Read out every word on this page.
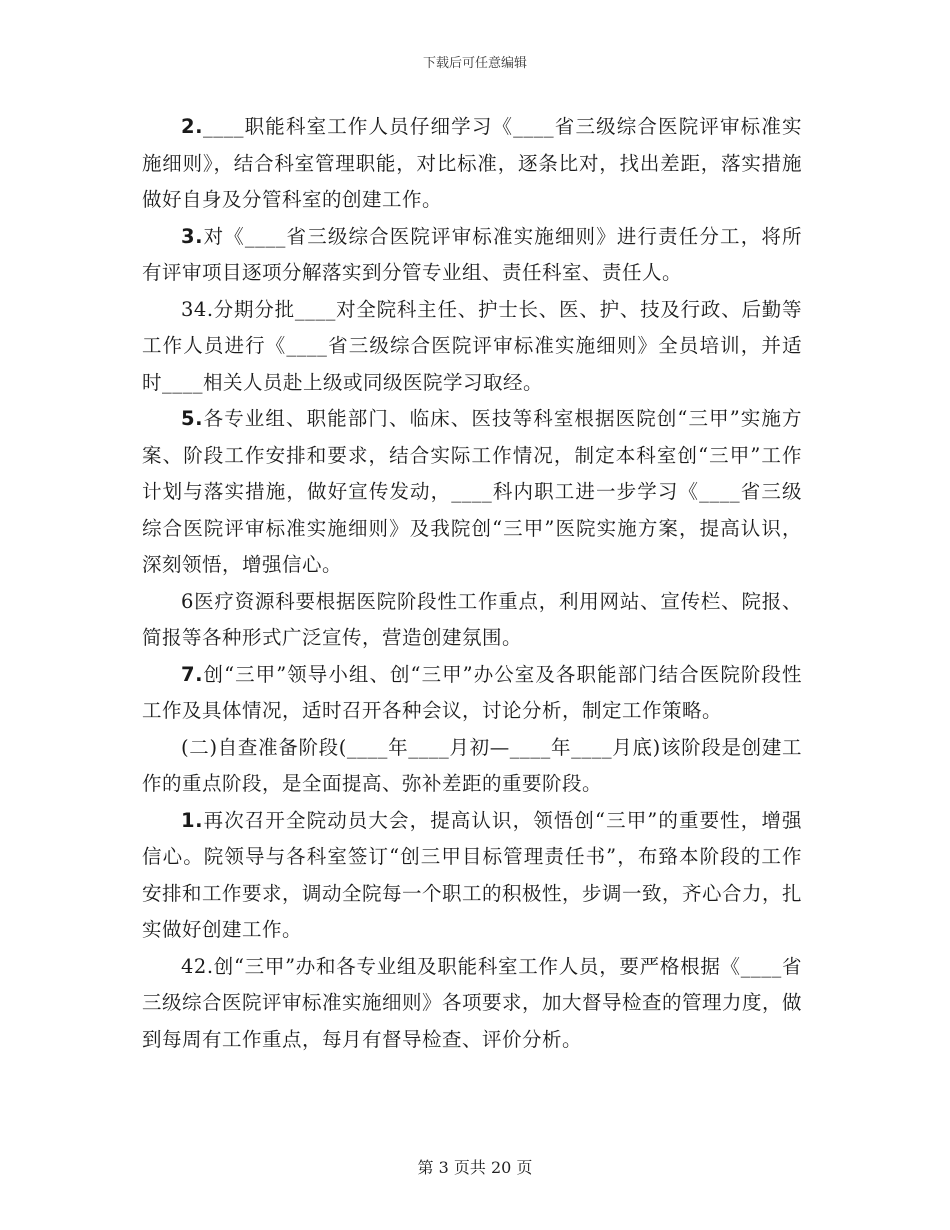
下载后可任意编辑

2.____职能科室工作人员仔细学习《____省三级综合医院评审标准实施细则》，结合科室管理职能，对比标准，逐条比对，找出差距，落实措施做好自身及分管科室的创建工作。

3.对《____省三级综合医院评审标准实施细则》进行责任分工，将所有评审项目逐项分解落实到分管专业组、责任科室、责任人。

34.分期分批____对全院科主任、护士长、医、护、技及行政、后勤等工作人员进行《____省三级综合医院评审标准实施细则》全员培训，并适时____相关人员赴上级或同级医院学习取经。

5.各专业组、职能部门、临床、医技等科室根据医院创“三甲”实施方案、阶段工作安排和要求，结合实际工作情况，制定本科室创“三甲”工作计划与落实措施，做好宣传发动，____科内职工进一步学习《____省三级综合医院评审标准实施细则》及我院创“三甲”医院实施方案，提高认识，深刻领悟，增强信心。

6医疗资源科要根据医院阶段性工作重点，利用网站、宣传栏、院报、简报等各种形式广泛宣传，营造创建氛围。

7.创“三甲”领导小组、创“三甲”办公室及各职能部门结合医院阶段性工作及具体情况，适时召开各种会议，讨论分析，制定工作策略。

(二)自查准备阶段(____年____月初—____年____月底)该阶段是创建工作的重点阶段，是全面提高、弥补差距的重要阶段。

1.再次召开全院动员大会，提高认识，领悟创“三甲”的重要性，增强信心。院领导与各科室签订“创三甲目标管理责任书”，布臵本阶段的工作安排和工作要求，调动全院每一个职工的积极性，步调一致，齐心合力，扎实做好创建工作。

42.创“三甲”办和各专业组及职能科室工作人员，要严格根据《____省三级综合医院评审标准实施细则》各项要求，加大督导检查的管理力度，做到每周有工作重点，每月有督导检查、评价分析。

第 3 页共 20 页
